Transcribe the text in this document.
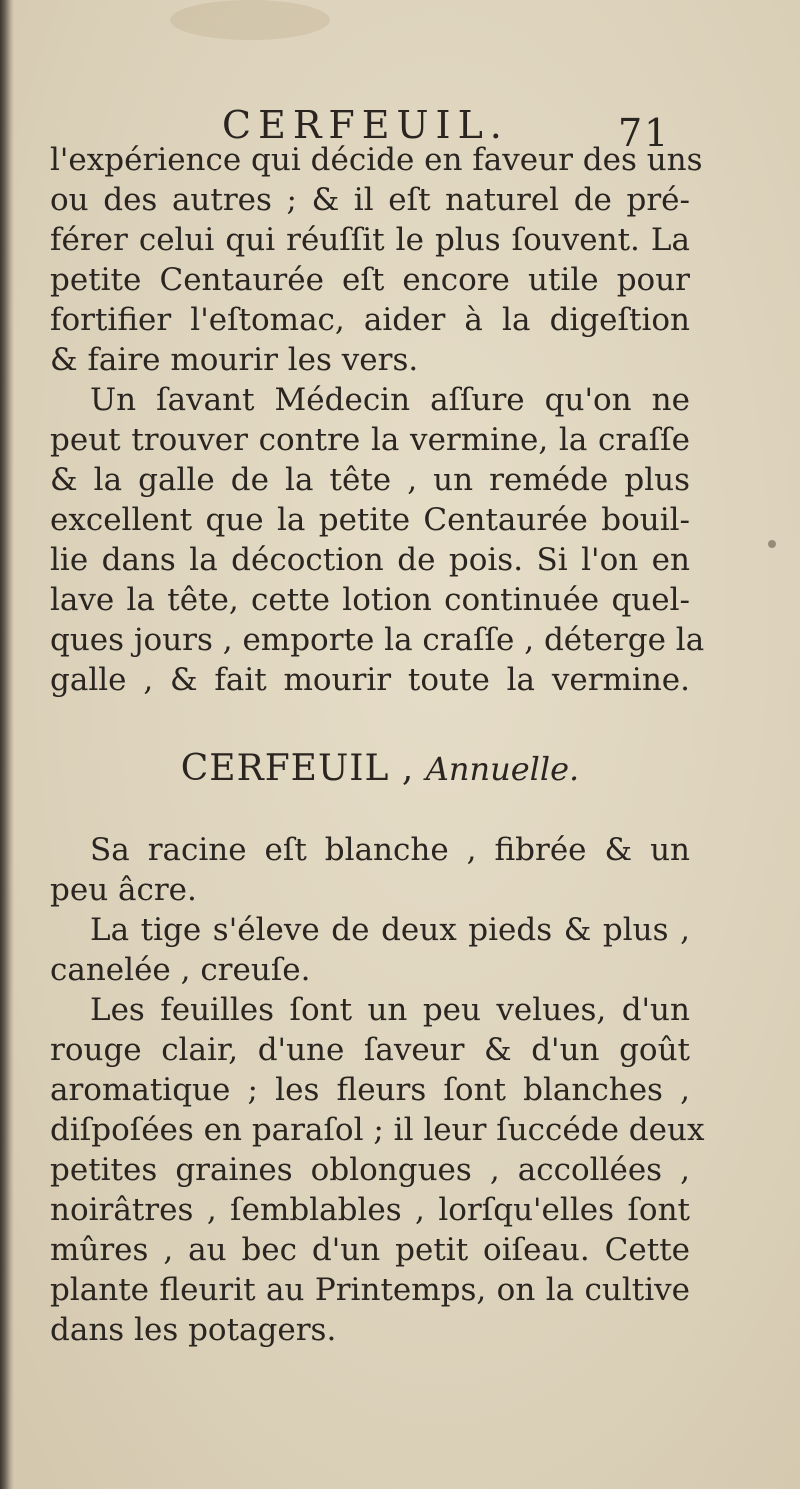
CERFEUIL.	71
l'expérience qui décide en faveur des uns
ou des autres ; & il eſt naturel de pré-
férer celui qui réuſſit le plus ſouvent. La
petite Centaurée eſt encore utile pour
fortifier l'eſtomac, aider à la digeſtion
& faire mourir les vers.
Un ſavant Médecin aſſure qu'on ne
peut trouver contre la vermine, la craſſe
& la galle de la tête , un reméde plus
excellent que la petite Centaurée bouil-
lie dans la décoction de pois. Si l'on en
lave la tête, cette lotion continuée quel-
ques jours , emporte la craſſe , déterge la
galle , & fait mourir toute la vermine.
CERFEUIL , Annuelle.
Sa racine eſt blanche , fibrée & un
peu âcre.
La tige s'éleve de deux pieds & plus ,
canelée , creuſe.
Les feuilles ſont un peu velues, d'un
rouge clair, d'une ſaveur & d'un goût
aromatique ; les fleurs ſont blanches ,
diſpoſées en paraſol ; il leur ſuccéde deux
petites graines oblongues , accollées ,
noirâtres , ſemblables , lorſqu'elles ſont
mûres , au bec d'un petit oiſeau. Cette
plante fleurit au Printemps, on la cultive
dans les potagers.
